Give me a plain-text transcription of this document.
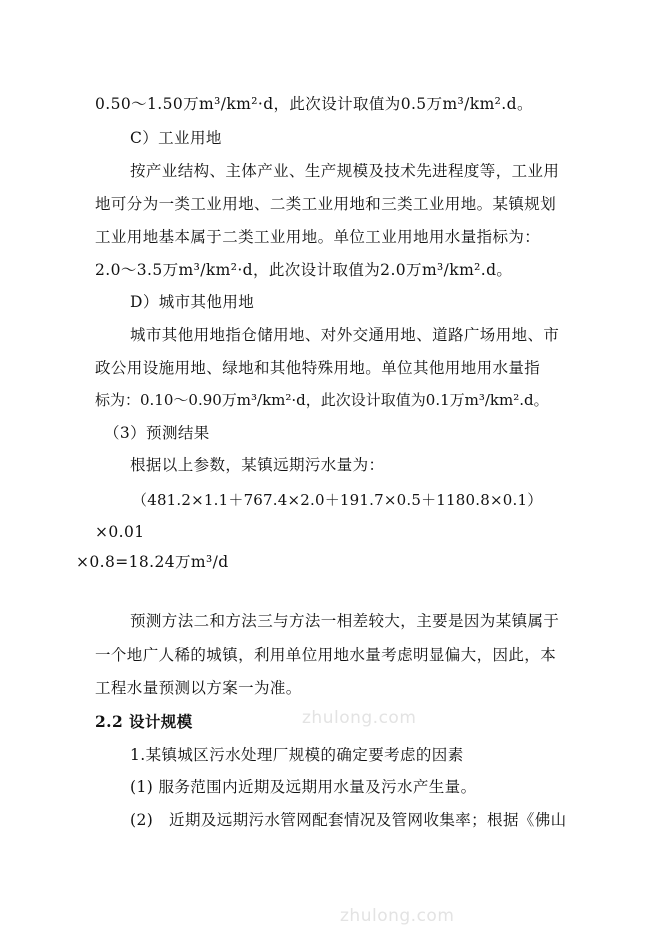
0.50～1.50万m³/km²·d，此次设计取值为0.5万m³/km².d。
C）工业用地
按产业结构、主体产业、生产规模及技术先进程度等，工业用
地可分为一类工业用地、二类工业用地和三类工业用地。某镇规划
工业用地基本属于二类工业用地。单位工业用地用水量指标为：
2.0～3.5万m³/km²·d，此次设计取值为2.0万m³/km².d。
D）城市其他用地
城市其他用地指仓储用地、对外交通用地、道路广场用地、市
政公用设施用地、绿地和其他特殊用地。单位其他用地用水量指
标为：0.10～0.90万m³/km²·d，此次设计取值为0.1万m³/km².d。
（3）预测结果
根据以上参数，某镇远期污水量为：
（481.2×1.1＋767.4×2.0＋191.7×0.5＋1180.8×0.1）
×0.01
×0.8=18.24万m³/d
预测方法二和方法三与方法一相差较大，主要是因为某镇属于
一个地广人稀的城镇，利用单位用地水量考虑明显偏大，因此，本
工程水量预测以方案一为准。
2.2 设计规模
1.某镇城区污水处理厂规模的确定要考虑的因素
(1) 服务范围内近期及远期用水量及污水产生量。
(2)　近期及远期污水管网配套情况及管网收集率；根据《佛山
zhulong.com
zhulong.com
